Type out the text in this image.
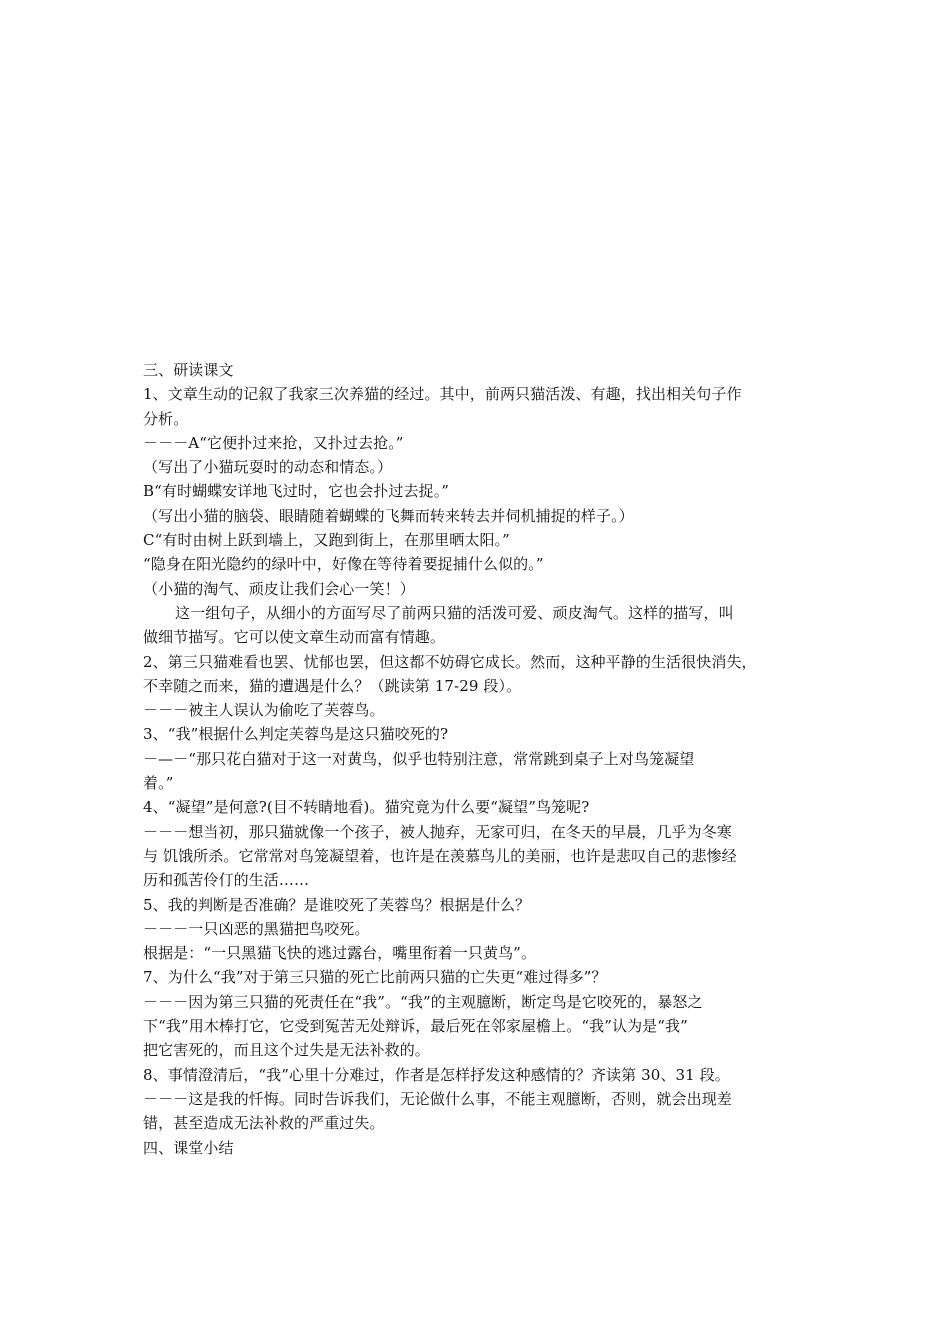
三、研读课文
1、文章生动的记叙了我家三次养猫的经过。其中，前两只猫活泼、有趣，找出相关句子作
分析。
－－－A“它便扑过来抢，又扑过去抢。”
（写出了小猫玩耍时的动态和情态。）
B“有时蝴蝶安详地飞过时，它也会扑过去捉。”
（写出小猫的脑袋、眼睛随着蝴蝶的飞舞而转来转去并伺机捕捉的样子。）
C“有时由树上跃到墙上，又跑到街上，在那里晒太阳。”
“隐身在阳光隐约的绿叶中，好像在等待着要捉捕什么似的。”
（小猫的淘气、顽皮让我们会心一笑！）
这一组句子，从细小的方面写尽了前两只猫的活泼可爱、顽皮淘气。这样的描写，叫
做细节描写。它可以使文章生动而富有情趣。
2、第三只猫难看也罢、忧郁也罢，但这都不妨碍它成长。然而，这种平静的生活很快消失，
不幸随之而来，猫的遭遇是什么？（跳读第 17-29 段）。
－－－被主人误认为偷吃了芙蓉鸟。
3、“我”根据什么判定芙蓉鸟是这只猫咬死的?
－—－“那只花白猫对于这一对黄鸟，似乎也特别注意，常常跳到桌子上对鸟笼凝望
着。”
4、“凝望”是何意?(目不转睛地看)。猫究竟为什么要“凝望”鸟笼呢?
－－－想当初，那只猫就像一个孩子，被人抛弃，无家可归，在冬天的早晨，几乎为冬寒
与 饥饿所杀。它常常对鸟笼凝望着，也许是在羡慕鸟儿的美丽，也许是悲叹自己的悲惨经
历和孤苦伶仃的生活……
5、我的判断是否准确？是谁咬死了芙蓉鸟？根据是什么？
－－－一只凶恶的黑猫把鸟咬死。
根据是：“一只黑猫飞快的逃过露台，嘴里衔着一只黄鸟”。
7、为什么“我”对于第三只猫的死亡比前两只猫的亡失更“难过得多”？
－－－因为第三只猫的死责任在“我”。“我”的主观臆断，断定鸟是它咬死的，暴怒之
下“我”用木棒打它，它受到冤苦无处辩诉，最后死在邻家屋檐上。“我”认为是“我”
把它害死的，而且这个过失是无法补救的。
8、事情澄清后，“我”心里十分难过，作者是怎样抒发这种感情的？齐读第 30、31 段。
－－－这是我的忏悔。同时告诉我们，无论做什么事，不能主观臆断，否则，就会出现差
错，甚至造成无法补救的严重过失。
四、课堂小结
